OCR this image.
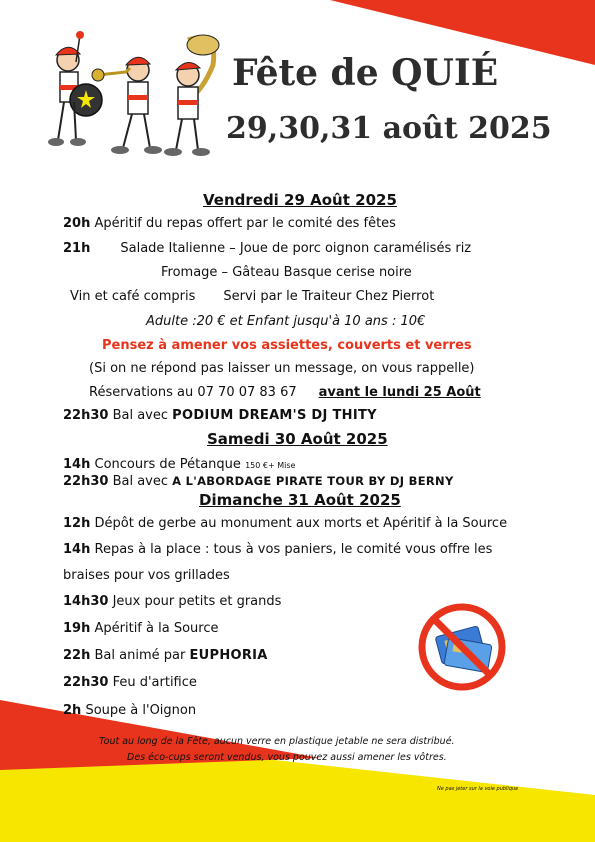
Fête de QUIÉ
29,30,31 août 2025
Vendredi 29 Août 2025
20h Apéritif du repas offert par le comité des fêtes
21h Salade Italienne – Joue de porc oignon caramélisés riz
Fromage – Gâteau Basque cerise noire
Vin et café compris Servi par le Traiteur Chez Pierrot
Adulte :20 € et Enfant jusqu'à 10 ans : 10€
Pensez à amener vos assiettes, couverts et verres
(Si on ne répond pas laisser un message, on vous rappelle)
Réservations au 07 70 07 83 67 avant le lundi 25 Août
22h30 Bal avec PODIUM DREAM'S DJ THITY
Samedi 30 Août 2025
14h Concours de Pétanque 150 €+ Mise
22h30 Bal avec A L'ABORDAGE PIRATE TOUR BY DJ BERNY
Dimanche 31 Août 2025
12h Dépôt de gerbe au monument aux morts et Apéritif à la Source
14h Repas à la place : tous à vos paniers, le comité vous offre les
braises pour vos grillades
14h30 Jeux pour petits et grands
19h Apéritif à la Source
22h Bal animé par EUPHORIA
22h30 Feu d'artifice
2h Soupe à l'Oignon
Tout au long de la Fête, aucun verre en plastique jetable ne sera distribué.
Des éco-cups seront vendus, vous pouvez aussi amener les vôtres.
Ne pas jeter sur la voie publique
